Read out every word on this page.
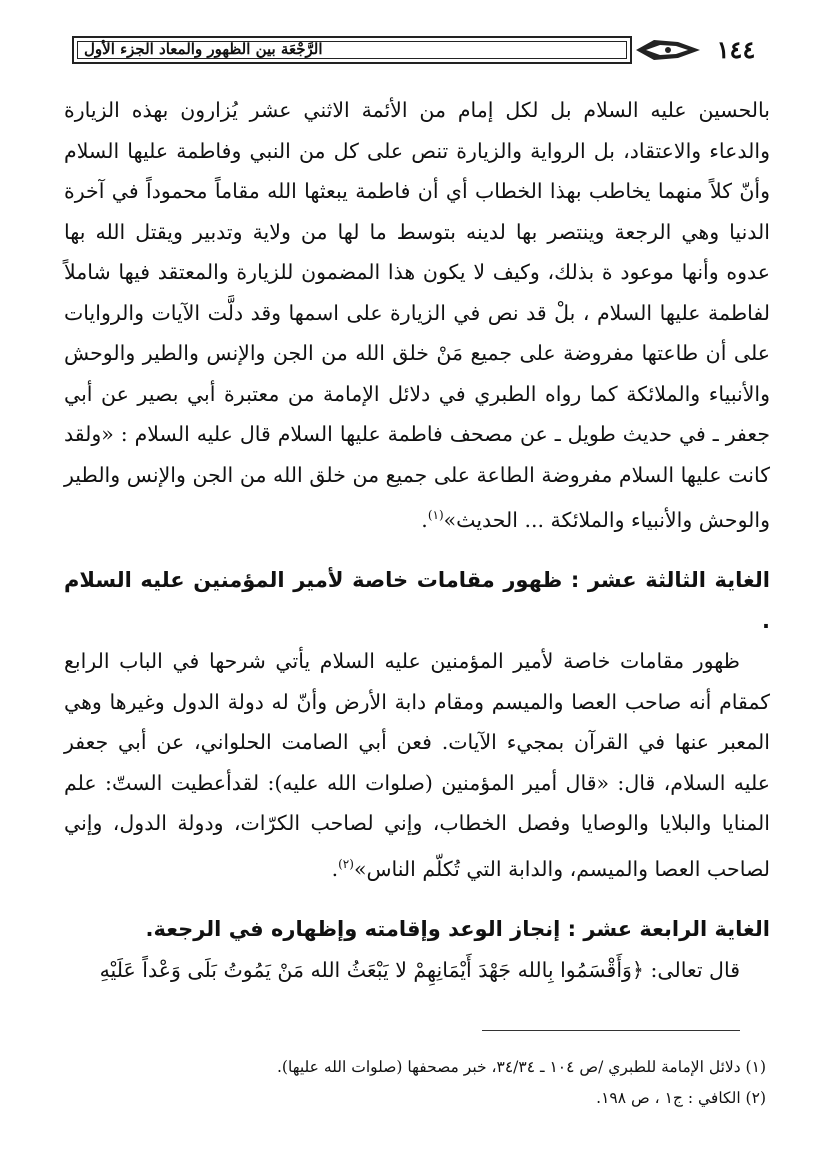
الرَّجْعَة بين الظهور والمعاد الجزء الأول	١٤٤

بالحسين عليه السلام بل لكل إمام من الأئمة الاثني عشر يُزارون بهذه الزيارة والدعاء والاعتقاد، بل الرواية والزيارة تنص على كل من النبي وفاطمة عليها السلام وأنّ كلاً منهما يخاطب بهذا الخطاب أي أن فاطمة يبعثها الله مقاماً محموداً في آخرة الدنيا وهي الرجعة وينتصر بها لدينه بتوسط ما لها من ولاية وتدبير ويقتل الله بها عدوه وأنها موعود ة بذلك، وكيف لا يكون هذا المضمون للزيارة والمعتقد فيها شاملاً لفاطمة عليها السلام ، بلْ قد نص في الزيارة على اسمها وقد دلَّت الآيات والروايات على أن طاعتها مفروضة على جميع مَنْ خلق الله من الجن والإنس والطير والوحش والأنبياء والملائكة كما رواه الطبري في دلائل الإمامة من معتبرة أبي بصير عن أبي جعفر ـ في حديث طويل ـ عن مصحف فاطمة عليها السلام قال عليه السلام : «ولقد كانت عليها السلام مفروضة الطاعة على جميع من خلق الله من الجن والإنس والطير والوحش والأنبياء والملائكة ... الحديث»$^{(١)}$.

الغاية الثالثة عشر : ظهور مقامات خاصة لأمير المؤمنين عليه السلام .

ظهور مقامات خاصة لأمير المؤمنين عليه السلام يأتي شرحها في الباب الرابع كمقام أنه صاحب العصا والميسم ومقام دابة الأرض وأنّ له دولة الدول وغيرها وهي المعبر عنها في القرآن بمجيء الآيات. فعن أبي الصامت الحلواني، عن أبي جعفر عليه السلام، قال: «قال أمير المؤمنين (صلوات الله عليه): لقدأعطيت الستّ: علم المنايا والبلايا والوصايا وفصل الخطاب، وإني لصاحب الكرّات، ودولة الدول، وإني لصاحب العصا والميسم، والدابة التي تُكلّم الناس»$^{(٢)}$.

الغاية الرابعة عشر : إنجاز الوعد وإقامته وإظهاره في الرجعة.

قال تعالى: ﴿وَأَقْسَمُوا بِالله جَهْدَ أَيْمَانِهِمْ لا يَبْعَثُ الله مَنْ يَمُوتُ بَلَى وَعْداً عَلَيْهِ

(١) دلائل الإمامة للطبري /ص ١٠٤ ـ ٣٤/٣٤، خبر مصحفها (صلوات الله عليها).

(٢) الكافي : ج١ ، ص ١٩٨.
